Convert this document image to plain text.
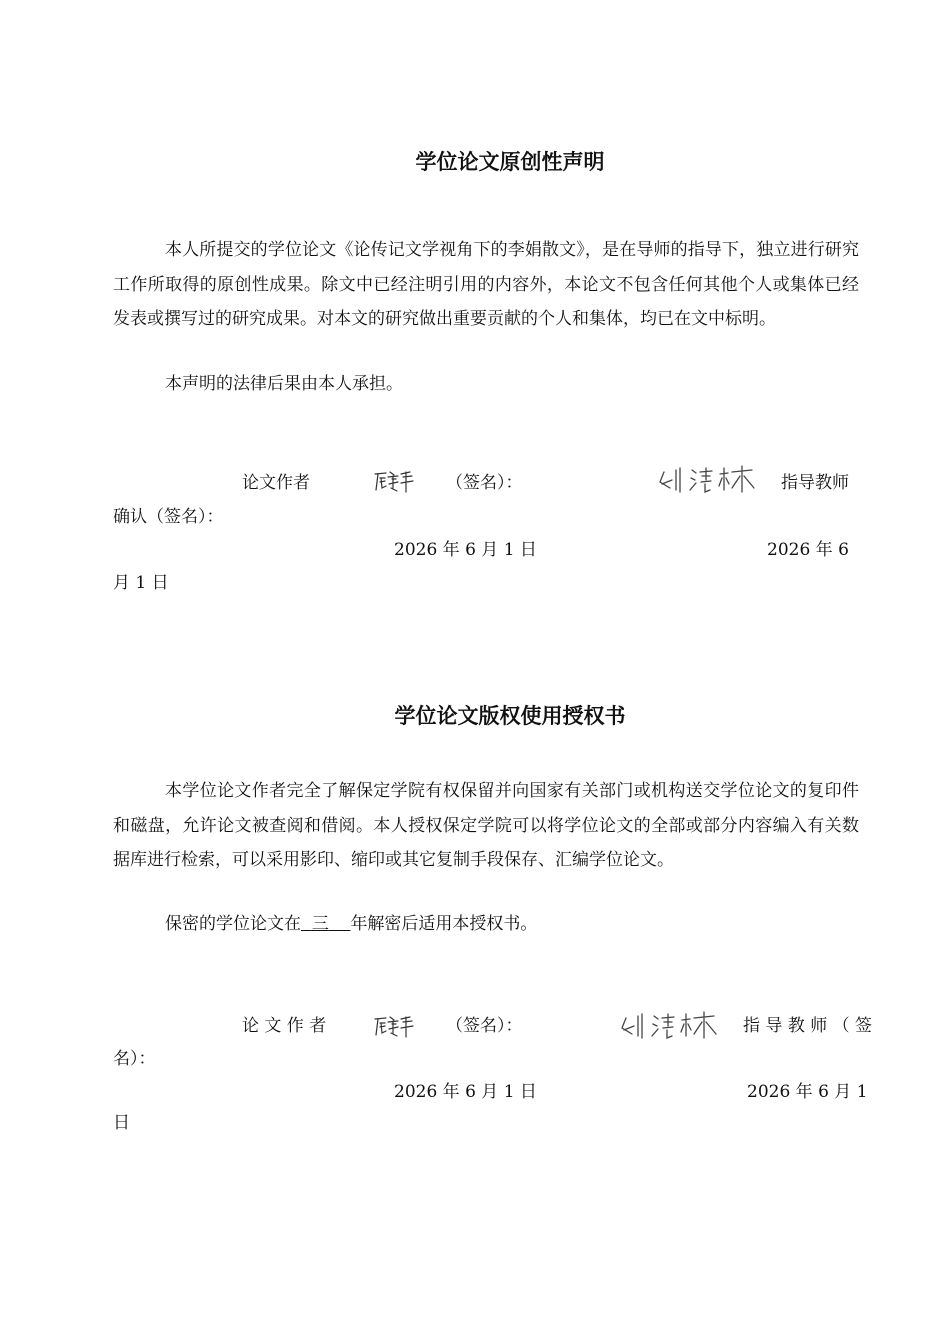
学位论文原创性声明
本人所提交的学位论文《论传记文学视角下的李娟散文》，是在导师的指导下，独立进行研究工作所取得的原创性成果。除文中已经注明引用的内容外，本论文不包含任何其他个人或集体已经发表或撰写过的研究成果。对本文的研究做出重要贡献的个人和集体，均已在文中标明。
本声明的法律后果由本人承担。
论文作者	（签名）：	指导教师
确认（签名）：
2026 年 6 月 1 日	2026 年 6
月 1 日
学位论文版权使用授权书
本学位论文作者完全了解保定学院有权保留并向国家有关部门或机构送交学位论文的复印件和磁盘，允许论文被查阅和借阅。本人授权保定学院可以将学位论文的全部或部分内容编入有关数据库进行检索，可以采用影印、缩印或其它复制手段保存、汇编学位论文。
保密的学位论文在 三 年解密后适用本授权书。
论 文 作 者	（签名）：	指 导 教 师 （ 签
名）：
2026 年 6 月 1 日	2026 年 6 月 1
日
